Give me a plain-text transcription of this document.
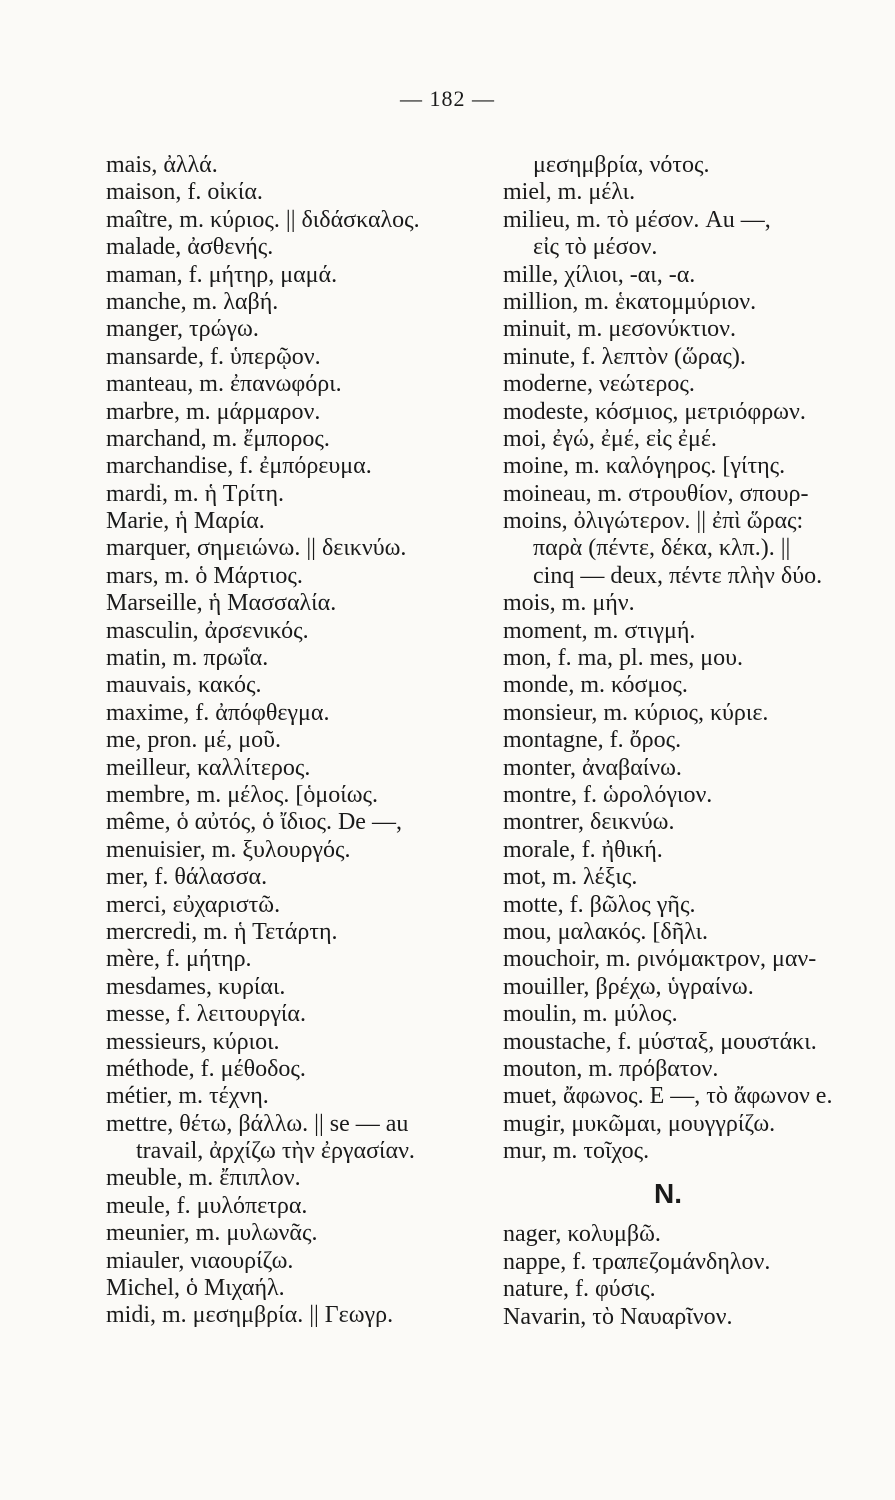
— 182 —
mais, ἀλλά.
maison, f. οἰκία.
maître, m. κύριος. || διδάσκαλος.
malade, ἀσθενής.
maman, f. μήτηρ, μαμά.
manche, m. λαβή.
manger, τρώγω.
mansarde, f. ὑπερῷον.
manteau, m. ἐπανωφόρι.
marbre, m. μάρμαρον.
marchand, m. ἔμπορος.
marchandise, f. ἐμπόρευμα.
mardi, m. ἡ Τρίτη.
Marie, ἡ Μαρία.
marquer, σημειώνω. || δεικνύω.
mars, m. ὁ Μάρτιος.
Marseille, ἡ Μασσαλία.
masculin, ἀρσενικός.
matin, m. πρωΐα.
mauvais, κακός.
maxime, f. ἀπόφθεγμα.
me, pron. μέ, μοῦ.
meilleur, καλλίτερος.
membre, m. μέλος. [ὁμοίως.
même, ὁ αὐτός, ὁ ἴδιος. De —,
menuisier, m. ξυλουργός.
mer, f. θάλασσα.
merci, εὐχαριστῶ.
mercredi, m. ἡ Τετάρτη.
mère, f. μήτηρ.
mesdames, κυρίαι.
messe, f. λειτουργία.
messieurs, κύριοι.
méthode, f. μέθοδος.
métier, m. τέχνη.
mettre, θέτω, βάλλω. || se — au
travail, ἀρχίζω τὴν ἐργασίαν.
meuble, m. ἔπιπλον.
meule, f. μυλόπετρα.
meunier, m. μυλωνᾶς.
miauler, νιαουρίζω.
Michel, ὁ Μιχαήλ.
midi, m. μεσημβρία. || Γεωγρ.
μεσημβρία, νότος.
miel, m. μέλι.
milieu, m. τὸ μέσον. Au —,
εἰς τὸ μέσον.
mille, χίλιοι, -αι, -α.
million, m. ἑκατομμύριον.
minuit, m. μεσονύκτιον.
minute, f. λεπτὸν (ὥρας).
moderne, νεώτερος.
modeste, κόσμιος, μετριόφρων.
moi, ἐγώ, ἐμέ, εἰς ἐμέ.
moine, m. καλόγηρος. [γίτης.
moineau, m. στρουθίον, σπουρ-
moins, ὀλιγώτερον. || ἐπὶ ὥρας:
παρὰ (πέντε, δέκα, κλπ.). ||
cinq — deux, πέντε πλὴν δύο.
mois, m. μήν.
moment, m. στιγμή.
mon, f. ma, pl. mes, μου.
monde, m. κόσμος.
monsieur, m. κύριος, κύριε.
montagne, f. ὄρος.
monter, ἀναβαίνω.
montre, f. ὡρολόγιον.
montrer, δεικνύω.
morale, f. ἠθική.
mot, m. λέξις.
motte, f. βῶλος γῆς.
mou, μαλακός. [δῆλι.
mouchoir, m. ρινόμακτρον, μαν-
mouiller, βρέχω, ὑγραίνω.
moulin, m. μύλος.
moustache, f. μύσταξ, μουστάκι.
mouton, m. πρόβατον.
muet, ἄφωνος. E —, τὸ ἄφωνον e.
mugir, μυκῶμαι, μουγγρίζω.
mur, m. τοῖχος.
N.
nager, κολυμβῶ.
nappe, f. τραπεζομάνδηλον.
nature, f. φύσις.
Navarin, τὸ Ναυαρῖνον.
